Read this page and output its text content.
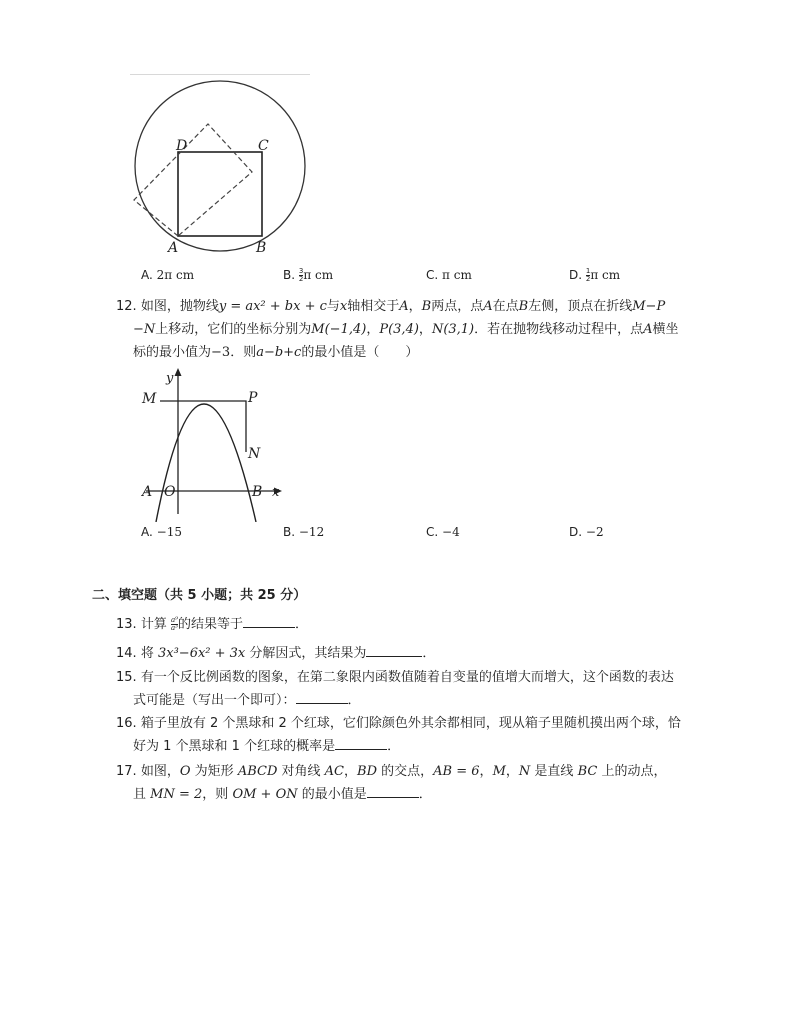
D	C
A	B
A. 2π cm	B. $\frac{3}{2}$ π cm	C. π cm	D. $\frac{1}{2}$ π cm
12. 如图，抛物线y = ax² + bx + c与x轴相交于A，B两点，点A在点B左侧，顶点在折线M−P
−N上移动，它们的坐标分别为M(−1,4)，P(3,4)，N(3,1)．若在抛物线移动过程中，点A横坐
标的最小值为−3．则a−b+c的最小值是（　　）
y
M	P
N
A O	B x
A. −15	B. −12	C. −4	D. −2
二、填空题（共 5 小题；共 25 分）
13. 计算 $\frac{\text{a⁹}}{\text{a³}}$ 的结果等于	．
14. 将 3x³−6x² + 3x 分解因式，其结果为	．
15. 有一个反比例函数的图象，在第二象限内函数值随着自变量的值增大而增大，这个函数的表达
式可能是（写出一个即可）：	．
16. 箱子里放有 2 个黑球和 2 个红球，它们除颜色外其余都相同，现从箱子里随机摸出两个球，恰
好为 1 个黑球和 1 个红球的概率是	．
17. 如图，O 为矩形 ABCD 对角线 AC，BD 的交点，AB = 6，M，N 是直线 BC 上的动点，
且 MN = 2，则 OM + ON 的最小值是	．
